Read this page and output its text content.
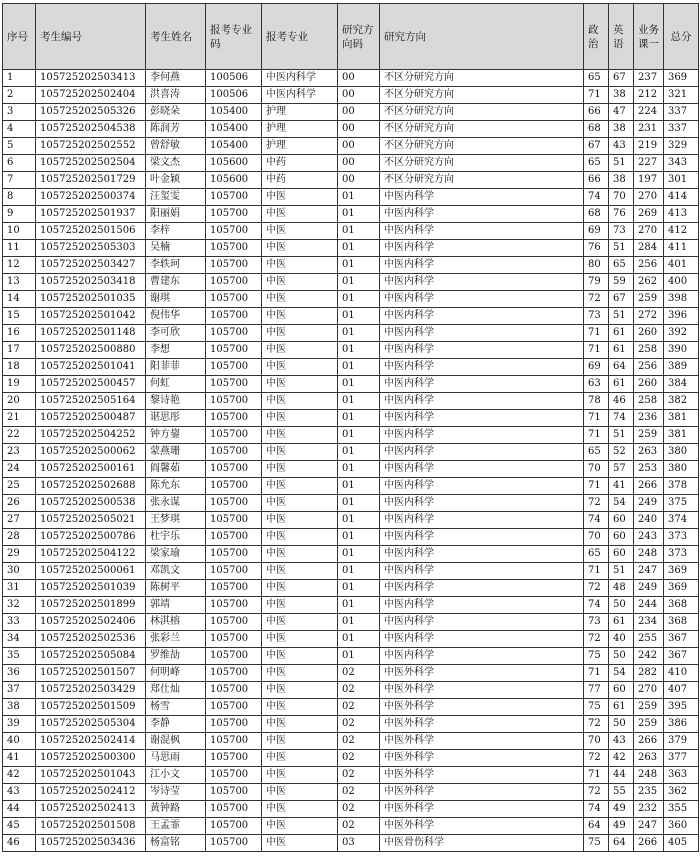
序号	考生编号	考生姓名	报考专业码	报考专业	研究方向码	研究方向	政治	英语	业务课一	总分
1	105725202503413	李何燕	100506	中医内科学	00	不区分研究方向	65	67	237	369
2	105725202502404	洪喜涛	100506	中医内科学	00	不区分研究方向	71	38	212	321
3	105725202505326	彭晓朵	105400	护理	00	不区分研究方向	66	47	224	337
4	105725202504538	陈润芳	105400	护理	00	不区分研究方向	68	38	231	337
5	105725202502552	曾舒敏	105400	护理	00	不区分研究方向	67	43	219	329
6	105725202502504	梁文杰	105600	中药	00	不区分研究方向	65	51	227	343
7	105725202501729	叶金颖	105600	中药	00	不区分研究方向	66	38	197	301
8	105725202500374	汪玺雯	105700	中医	01	中医内科学	74	70	270	414
9	105725202501937	阳丽娟	105700	中医	01	中医内科学	68	76	269	413
10	105725202501506	李梓	105700	中医	01	中医内科学	69	73	270	412
11	105725202505303	吴楠	105700	中医	01	中医内科学	76	51	284	411
12	105725202503427	李轶珂	105700	中医	01	中医内科学	80	65	256	401
13	105725202503418	曹建东	105700	中医	01	中医内科学	79	59	262	400
14	105725202501035	谢琪	105700	中医	01	中医内科学	72	67	259	398
15	105725202501042	倪伟华	105700	中医	01	中医内科学	73	51	272	396
16	105725202501148	李可欣	105700	中医	01	中医内科学	71	61	260	392
17	105725202500880	李想	105700	中医	01	中医内科学	71	61	258	390
18	105725202501041	阳菲菲	105700	中医	01	中医内科学	69	64	256	389
19	105725202500457	何虹	105700	中医	01	中医内科学	63	61	260	384
20	105725202505164	黎诗艳	105700	中医	01	中医内科学	78	46	258	382
21	105725202500487	谌思彤	105700	中医	01	中医内科学	71	74	236	381
22	105725202504252	钟方鋆	105700	中医	01	中医内科学	71	51	259	381
23	105725202500062	蒙燕珊	105700	中医	01	中医内科学	65	52	263	380
24	105725202500161	阎馨茹	105700	中医	01	中医内科学	70	57	253	380
25	105725202502688	陈允东	105700	中医	01	中医内科学	71	41	266	378
26	105725202500538	张永谋	105700	中医	01	中医内科学	72	54	249	375
27	105725202505021	王梦琪	105700	中医	01	中医内科学	74	60	240	374
28	105725202500786	杜宇乐	105700	中医	01	中医内科学	70	60	243	373
29	105725202504122	梁家瑜	105700	中医	01	中医内科学	65	60	248	373
30	105725202500061	邓凯文	105700	中医	01	中医内科学	71	51	247	369
31	105725202501039	陈树平	105700	中医	01	中医内科学	72	48	249	369
32	105725202501899	郭靖	105700	中医	01	中医内科学	74	50	244	368
33	105725202502406	林淇榕	105700	中医	01	中医内科学	73	61	234	368
34	105725202502536	张彩兰	105700	中医	01	中医内科学	72	40	255	367
35	105725202505084	罗维劼	105700	中医	01	中医内科学	75	50	242	367
36	105725202501507	何明峰	105700	中医	02	中医外科学	71	54	282	410
37	105725202503429	郑仕灿	105700	中医	02	中医外科学	77	60	270	407
38	105725202501509	杨雪	105700	中医	02	中医外科学	75	61	259	395
39	105725202505304	李静	105700	中医	02	中医外科学	72	50	259	386
40	105725202502414	谢混枫	105700	中医	02	中医外科学	70	43	266	379
41	105725202500300	马思雨	105700	中医	02	中医外科学	72	42	263	377
42	105725202501043	江小文	105700	中医	02	中医外科学	71	44	248	363
43	105725202502412	岑诗莹	105700	中医	02	中医外科学	72	55	235	362
44	105725202502413	黄钟路	105700	中医	02	中医外科学	74	49	232	355
45	105725202501508	王孟霏	105700	中医	02	中医外科学	64	49	247	360
46	105725202503436	杨富铭	105700	中医	03	中医骨伤科学	75	64	266	405
